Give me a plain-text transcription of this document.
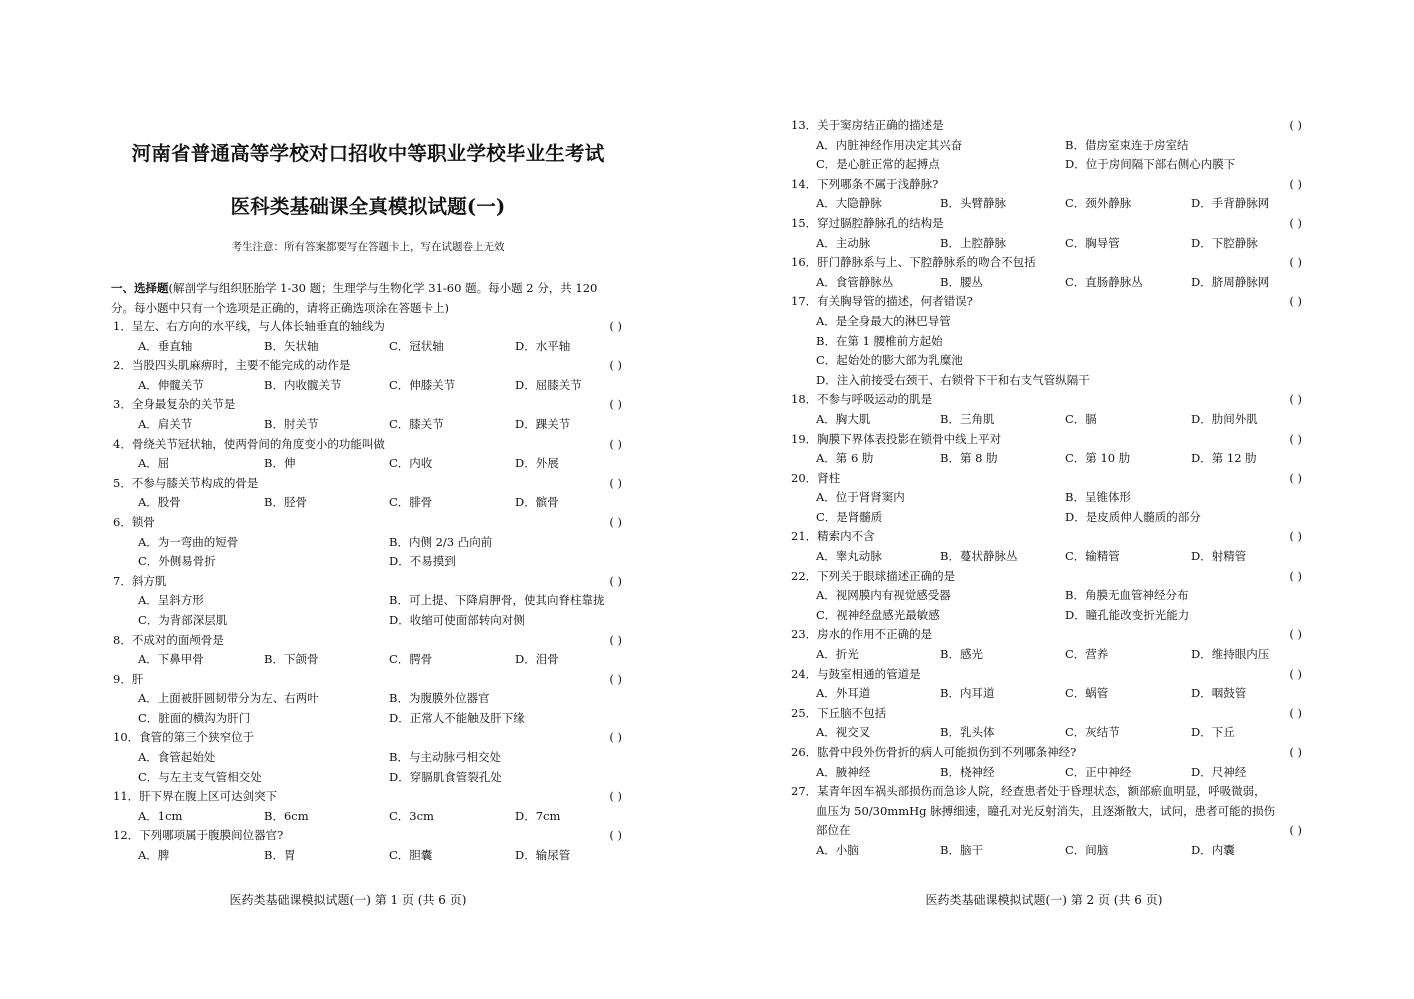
河南省普通高等学校对口招收中等职业学校毕业生考试
医科类基础课全真模拟试题(一)
考生注意：所有答案都要写在答题卡上，写在试题卷上无效
一、选择题(解剖学与组织胚胎学 1-30 题；生理学与生物化学 31-60 题。每小题 2 分，共 120
分。每小题中只有一个选项是正确的，请将正确选项涂在答题卡上)
1．呈左、右方向的水平线，与人体长轴垂直的轴线为	( )
A．垂直轴	B．矢状轴	C．冠状轴	D．水平轴
2．当股四头肌麻痹时，主要不能完成的动作是	( )
A．伸髋关节	B．内收髋关节	C．伸膝关节	D．屈膝关节
3．全身最复杂的关节是	( )
A．肩关节	B．肘关节	C．膝关节	D．踝关节
4．骨绕关节冠状轴，使两骨间的角度变小的功能叫做	( )
A．屈	B．伸	C．内收	D．外展
5．不参与膝关节构成的骨是	( )
A．股骨	B．胫骨	C．腓骨	D．髌骨
6．锁骨	( )
A．为一弯曲的短骨	B．内侧 2/3 凸向前
C．外侧易骨折	D．不易摸到
7．斜方肌	( )
A．呈斜方形	B．可上提、下降肩胛骨，使其向脊柱靠拢
C．为背部深层肌	D．收缩可使面部转向对侧
8．不成对的面颅骨是	( )
A．下鼻甲骨	B．下颌骨	C．腭骨	D．泪骨
9．肝	( )
A．上面被肝圆韧带分为左、右两叶	B．为腹膜外位器官
C．脏面的横沟为肝门	D．正常人不能触及肝下缘
10．食管的第三个狭窄位于	( )
A．食管起始处	B．与主动脉弓相交处
C．与左主支气管相交处	D．穿膈肌食管裂孔处
11．肝下界在腹上区可达剑突下	( )
A．1cm	B．6cm	C．3cm	D．7cm
12．下列哪项属于腹膜间位器官?	( )
A．脾	B．胃	C．胆囊	D．输尿管
医药类基础课模拟试题(一) 第 1 页 (共 6 页)
13．关于窦房结正确的描述是	( )
A．内脏神经作用决定其兴奋	B．借房室束连于房室结
C．是心脏正常的起搏点	D．位于房间隔下部右侧心内膜下
14．下列哪条不属于浅静脉?	( )
A．大隐静脉	B．头臂静脉	C．颈外静脉	D．手背静脉网
15．穿过膈腔静脉孔的结构是	( )
A．主动脉	B．上腔静脉	C．胸导管	D．下腔静脉
16．肝门静脉系与上、下腔静脉系的吻合不包括	( )
A．食管静脉丛	B．腰丛	C．直肠静脉丛	D．脐周静脉网
17．有关胸导管的描述，何者错误?	( )
A．是全身最大的淋巴导管
B．在第 1 腰椎前方起始
C．起始处的膨大部为乳糜池
D．注入前接受右颈干、右锁骨下干和右支气管纵隔干
18．不参与呼吸运动的肌是	( )
A．胸大肌	B．三角肌	C．膈	D．肋间外肌
19．胸膜下界体表投影在锁骨中线上平对	( )
A．第 6 肋	B．第 8 肋	C．第 10 肋	D．第 12 肋
20．肾柱	( )
A．位于肾肾窦内	B．呈锥体形
C．是肾髓质	D．是皮质伸人髓质的部分
21．精索内不含	( )
A．睾丸动脉	B．蔓状静脉丛	C．输精管	D．射精管
22．下列关于眼球描述正确的是	( )
A．视网膜内有视觉感受器	B．角膜无血管神经分布
C．视神经盘感光最敏感	D．瞳孔能改变折光能力
23．房水的作用不正确的是	( )
A．折光	B．感光	C．营养	D．维持眼内压
24．与鼓室相通的管道是	( )
A．外耳道	B．内耳道	C．蜗管	D．咽鼓管
25．下丘脑不包括	( )
A．视交叉	B．乳头体	C．灰结节	D．下丘
26．肱骨中段外伤骨折的病人可能损伤到不列哪条神经?	( )
A．腋神经	B．桡神经	C．正中神经	D．尺神经
27．某青年因车祸头部损伤而急诊人院，经查患者处于昏理状态，额部瘀血明显，呼吸微弱，
血压为 50/30mmHg 脉搏细速，瞳孔对光反射消失，且逐渐散大，试问，患者可能的损伤
部位在	( )
A．小脑	B．脑干	C．间脑	D．内囊
医药类基础课模拟试题(一) 第 2 页 (共 6 页)
